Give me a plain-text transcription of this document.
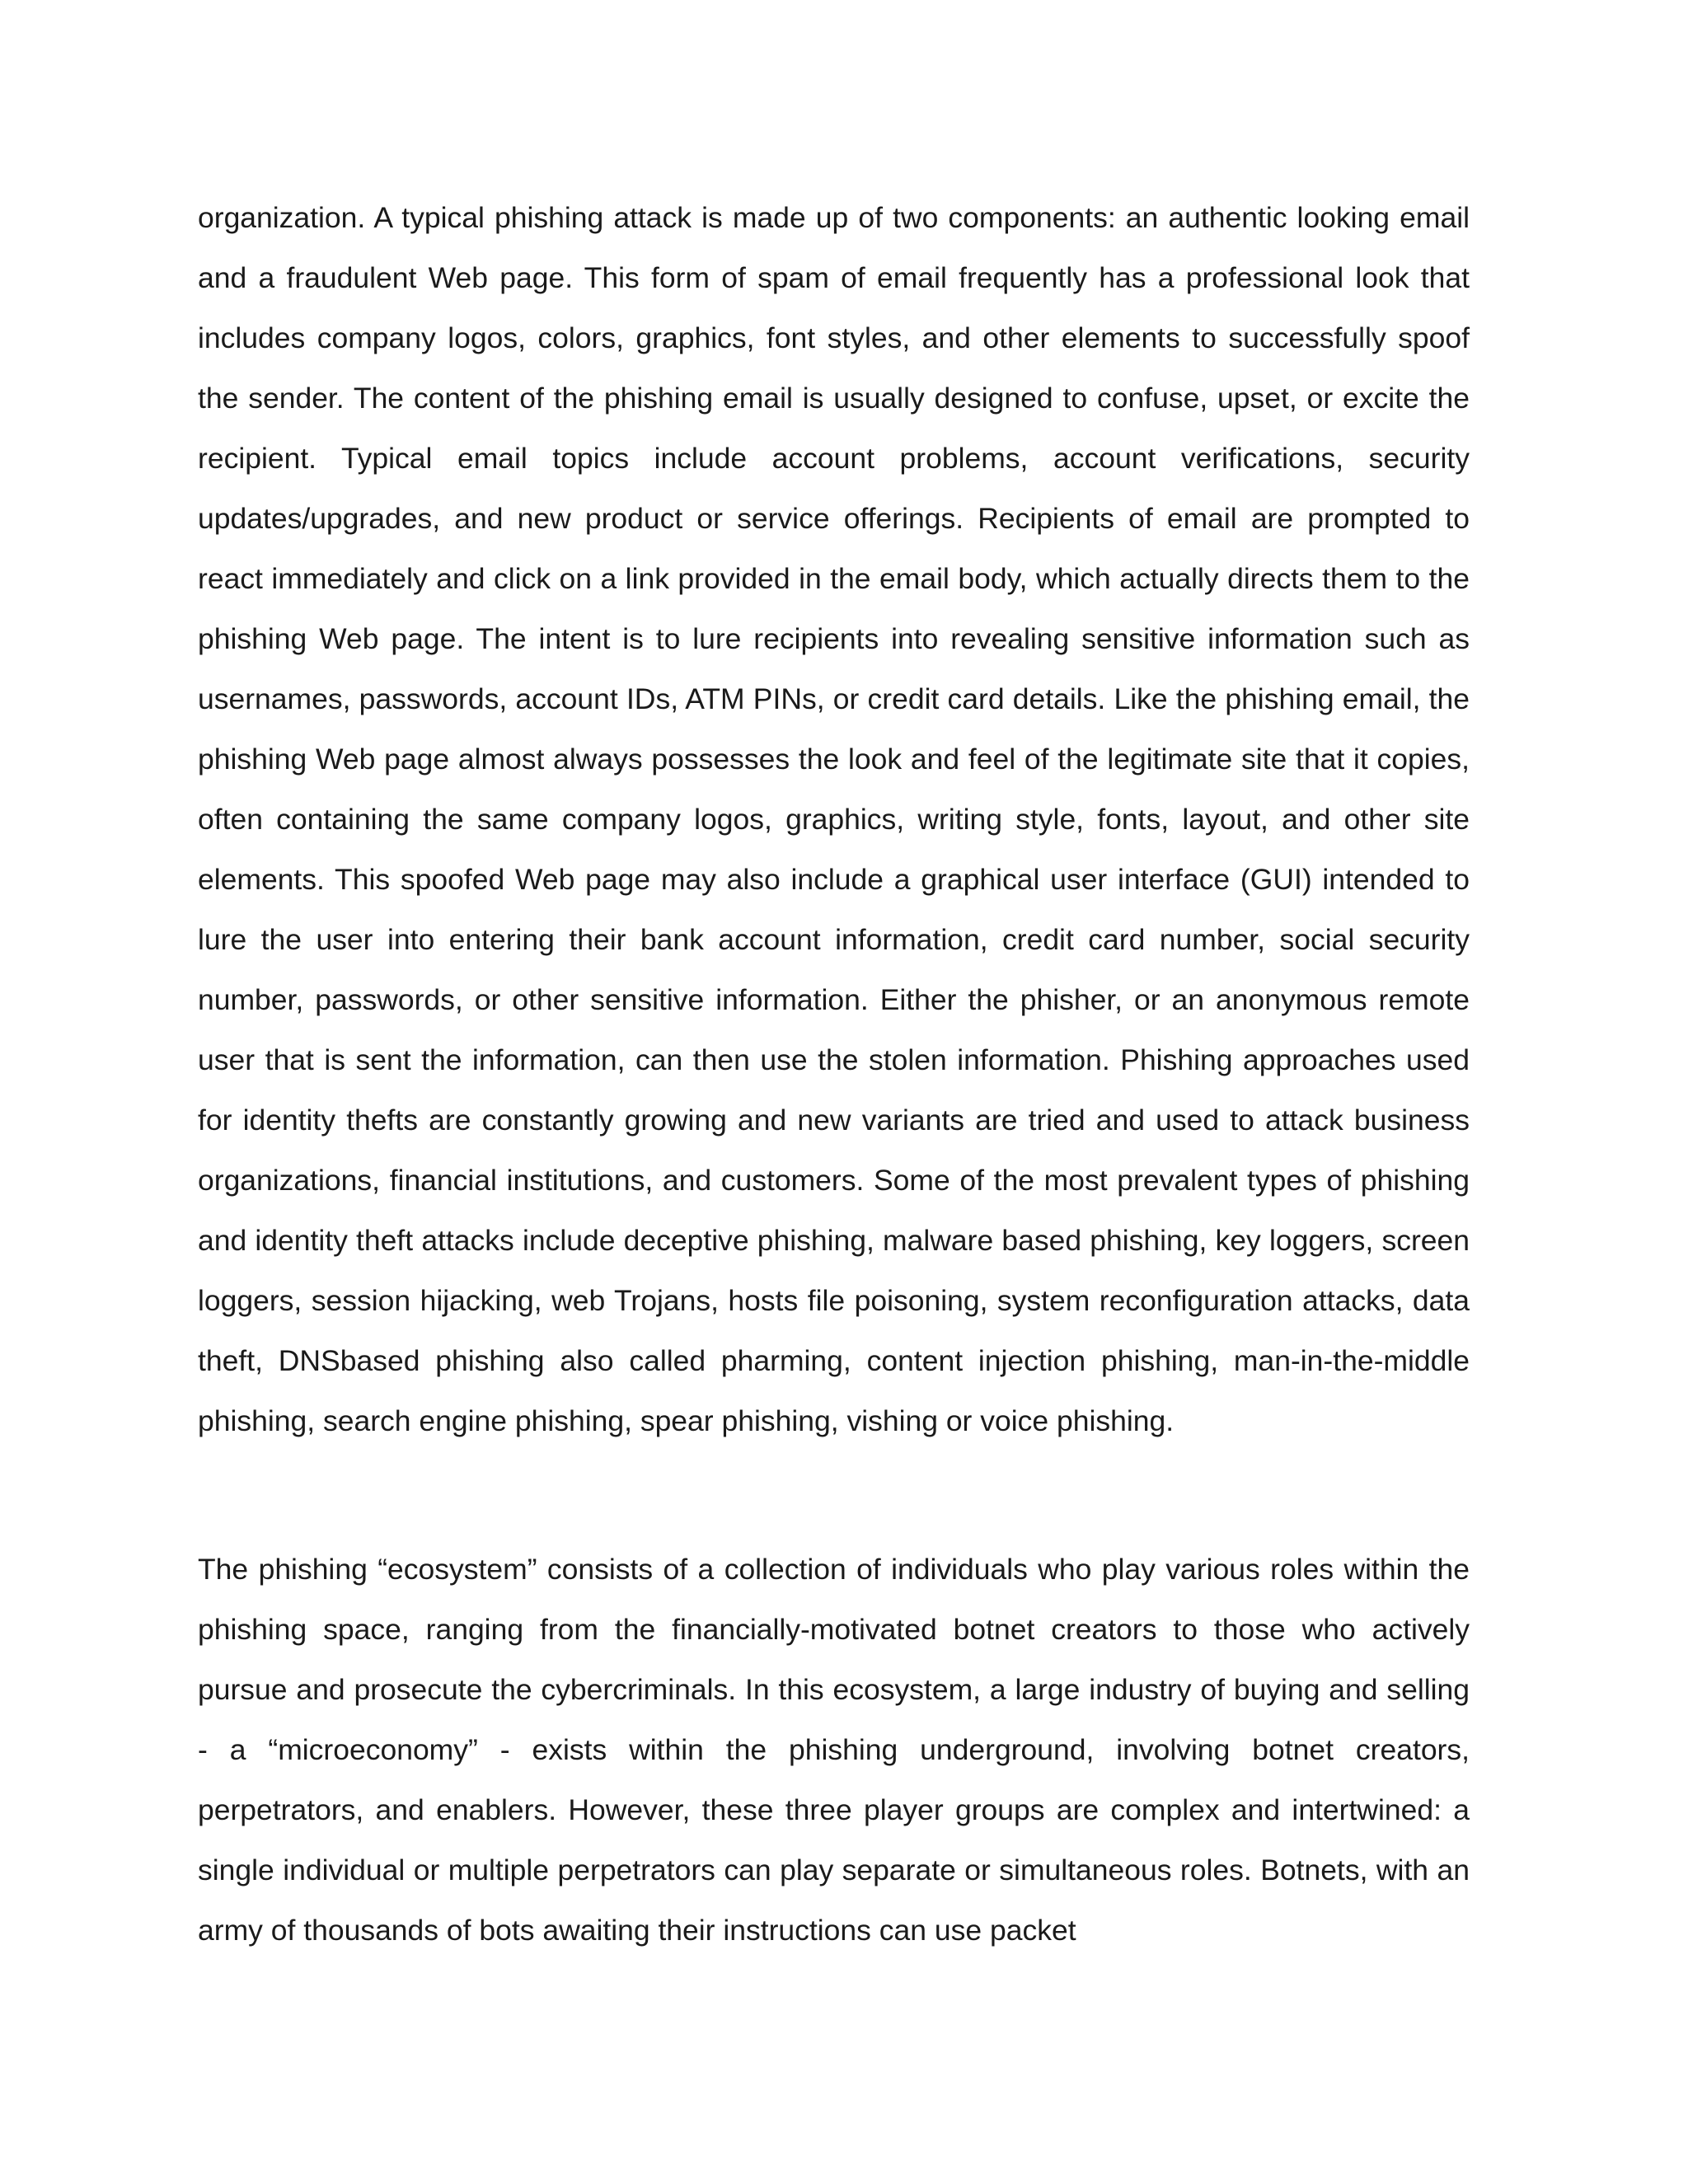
organization. A typical phishing attack is made up of two components: an authentic looking email and a fraudulent Web page. This form of spam of email frequently has a professional look that includes company logos, colors, graphics, font styles, and other elements to successfully spoof the sender. The content of the phishing email is usually designed to confuse, upset, or excite the recipient. Typical email topics include account problems, account verifications, security updates/upgrades, and new product or service offerings. Recipients of email are prompted to react immediately and click on a link provided in the email body, which actually directs them to the phishing Web page. The intent is to lure recipients into revealing sensitive information such as usernames, passwords, account IDs, ATM PINs, or credit card details. Like the phishing email, the phishing Web page almost always possesses the look and feel of the legitimate site that it copies, often containing the same company logos, graphics, writing style, fonts, layout, and other site elements. This spoofed Web page may also include a graphical user interface (GUI) intended to lure the user into entering their bank account information, credit card number, social security number, passwords, or other sensitive information. Either the phisher, or an anonymous remote user that is sent the information, can then use the stolen information. Phishing approaches used for identity thefts are constantly growing and new variants are tried and used to attack business organizations, financial institutions, and customers. Some of the most prevalent types of phishing and identity theft attacks include deceptive phishing, malware based phishing, key loggers, screen loggers, session hijacking, web Trojans, hosts file poisoning, system reconfiguration attacks, data theft, DNSbased phishing also called pharming, content injection phishing, man-in-the-middle phishing, search engine phishing, spear phishing, vishing or voice phishing.

The phishing “ecosystem” consists of a collection of individuals who play various roles within the phishing space, ranging from the financially-motivated botnet creators to those who actively pursue and prosecute the cybercriminals. In this ecosystem, a large industry of buying and selling - a “microeconomy” - exists within the phishing underground, involving botnet creators, perpetrators, and enablers. However, these three player groups are complex and intertwined: a single individual or multiple perpetrators can play separate or simultaneous roles. Botnets, with an army of thousands of bots awaiting their instructions can use packet
